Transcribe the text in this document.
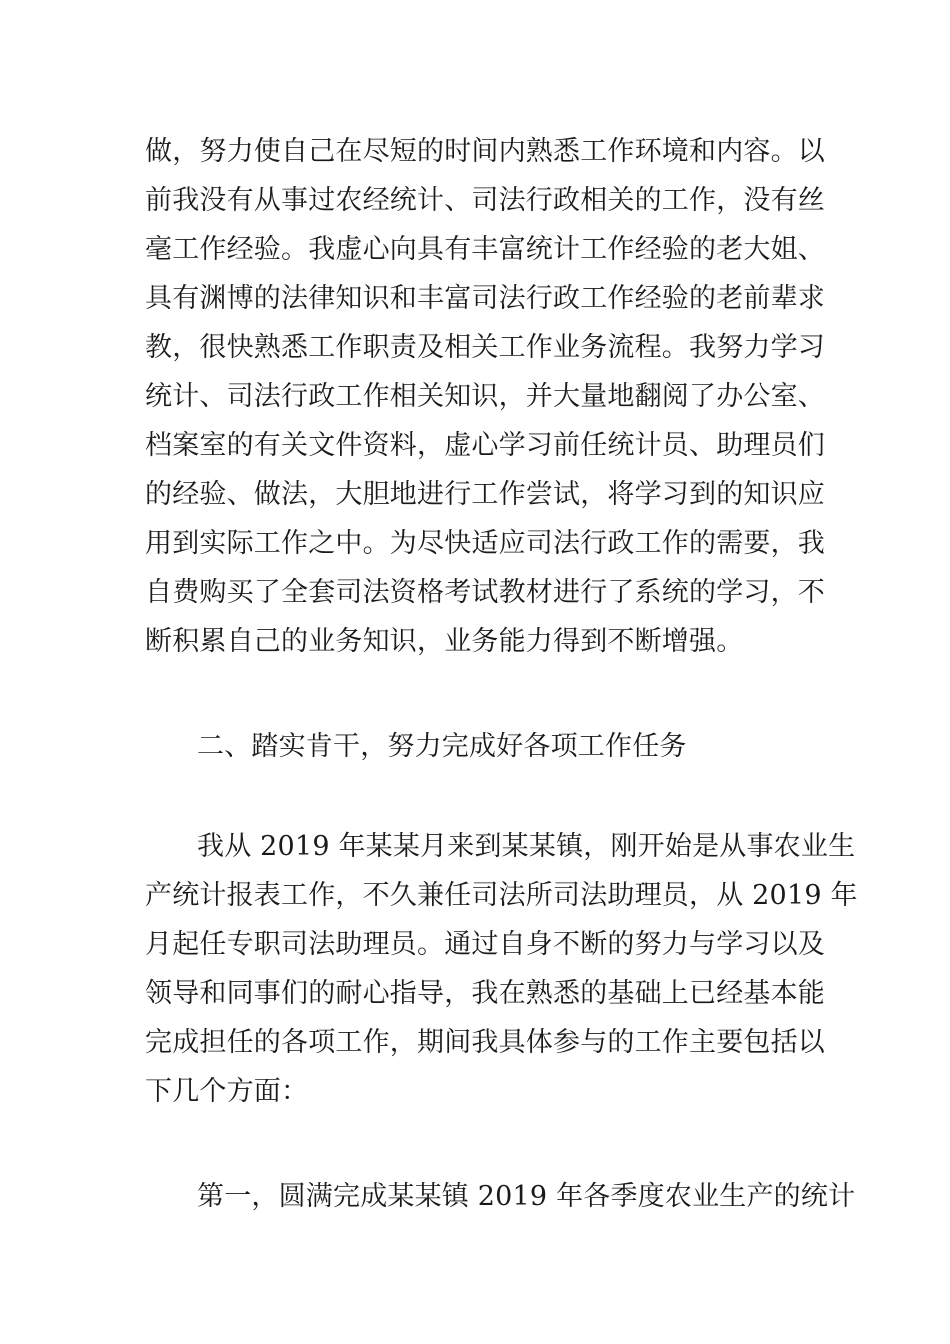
做，努力使自己在尽短的时间内熟悉工作环境和内容。以
前我没有从事过农经统计、司法行政相关的工作，没有丝
毫工作经验。我虚心向具有丰富统计工作经验的老大姐、
具有渊博的法律知识和丰富司法行政工作经验的老前辈求
教，很快熟悉工作职责及相关工作业务流程。我努力学习
统计、司法行政工作相关知识，并大量地翻阅了办公室、
档案室的有关文件资料，虚心学习前任统计员、助理员们
的经验、做法，大胆地进行工作尝试，将学习到的知识应
用到实际工作之中。为尽快适应司法行政工作的需要，我
自费购买了全套司法资格考试教材进行了系统的学习，不
断积累自己的业务知识，业务能力得到不断增强。
二、踏实肯干，努力完成好各项工作任务
我从 2019 年某某月来到某某镇，刚开始是从事农业生
产统计报表工作，不久兼任司法所司法助理员，从 2019 年
月起任专职司法助理员。通过自身不断的努力与学习以及
领导和同事们的耐心指导，我在熟悉的基础上已经基本能
完成担任的各项工作，期间我具体参与的工作主要包括以
下几个方面：
第一，圆满完成某某镇 2019 年各季度农业生产的统计
